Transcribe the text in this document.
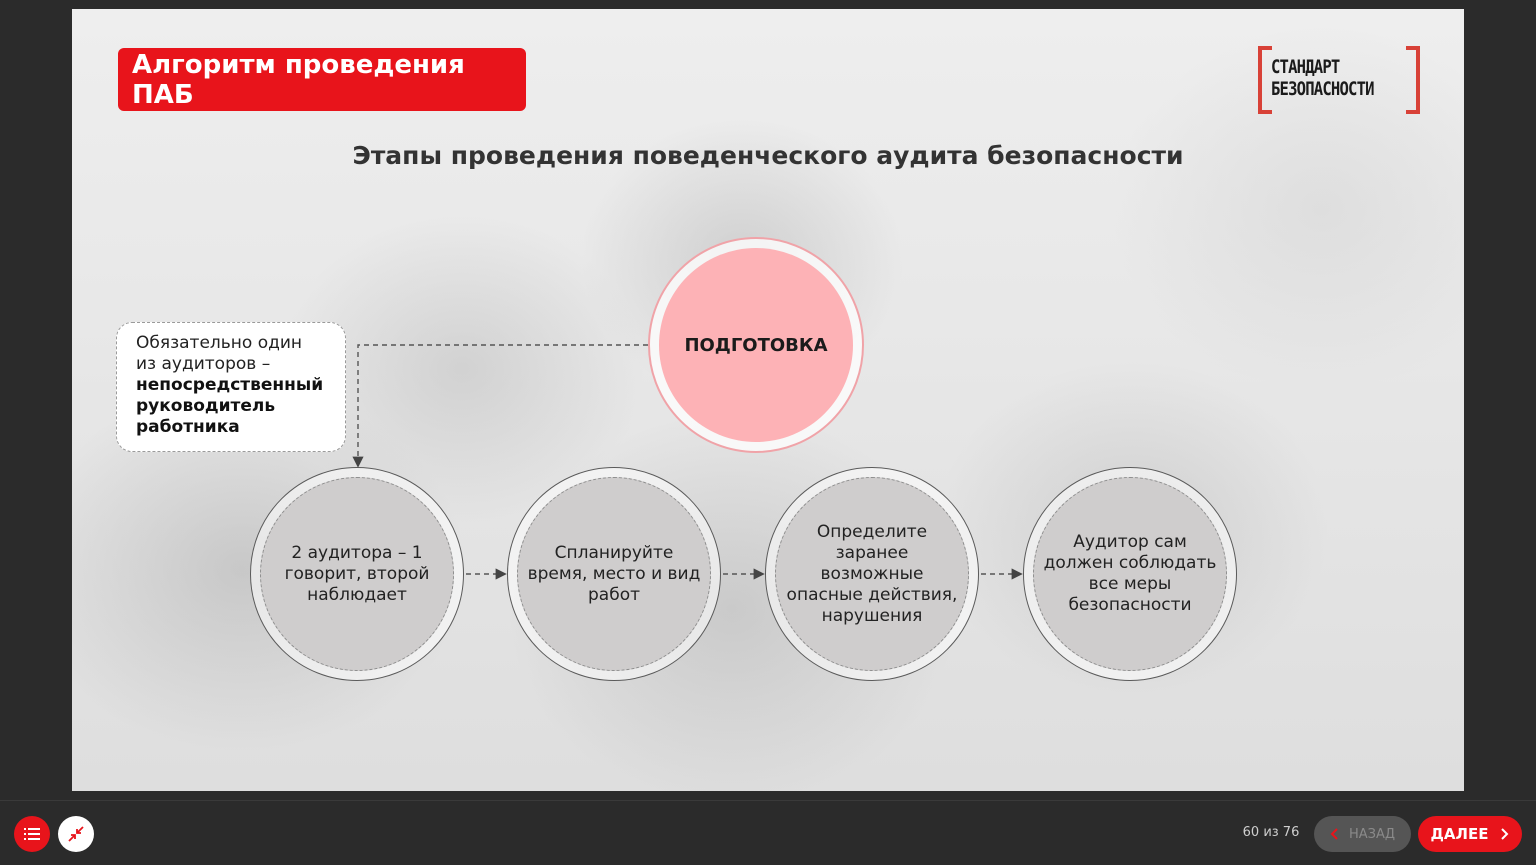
Алгоритм проведения ПАБ
СТАНДАРТ
БЕЗОПАСНОСТИ
Этапы проведения поведенческого аудита безопасности
Обязательно один
из аудиторов –
непосредственный
руководитель
работника
ПОДГОТОВКА
2 аудитора – 1 говорит, второй наблюдает
Спланируйте время, место и вид работ
Определите заранее возможные опасные действия, нарушения
Аудитор сам должен соблюдать все меры безопасности
60 из 76	НАЗАД ДАЛЕЕ
